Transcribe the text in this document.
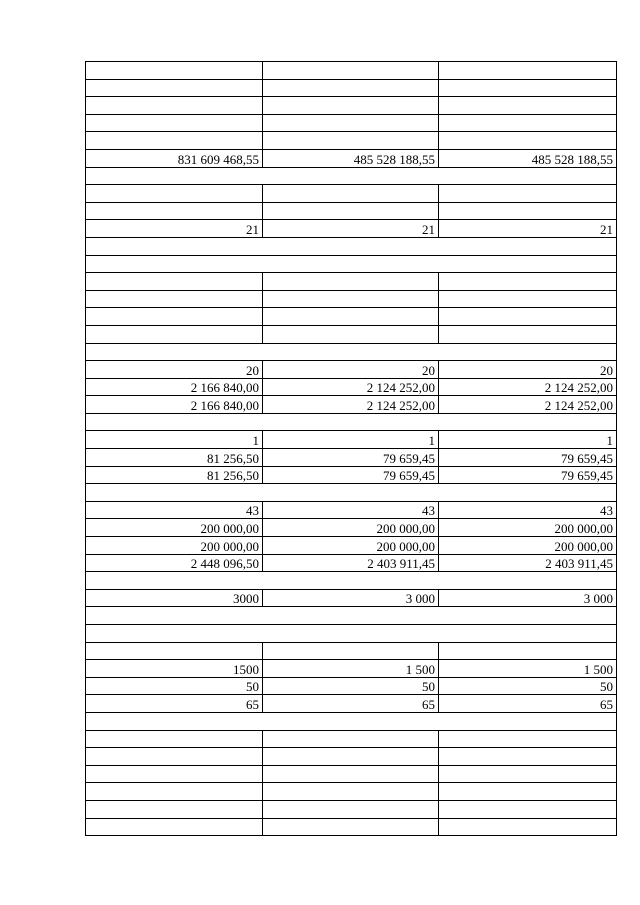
831 609 468,55	485 528 188,55	485 528 188,55

21	21	21

20	20	20
2 166 840,00	2 124 252,00	2 124 252,00
2 166 840,00	2 124 252,00	2 124 252,00

1	1	1
81 256,50	79 659,45	79 659,45
81 256,50	79 659,45	79 659,45

43	43	43
200 000,00	200 000,00	200 000,00
200 000,00	200 000,00	200 000,00
2 448 096,50	2 403 911,45	2 403 911,45

3000	3 000	3 000

1500	1 500	1 500
50	50	50
65	65	65
